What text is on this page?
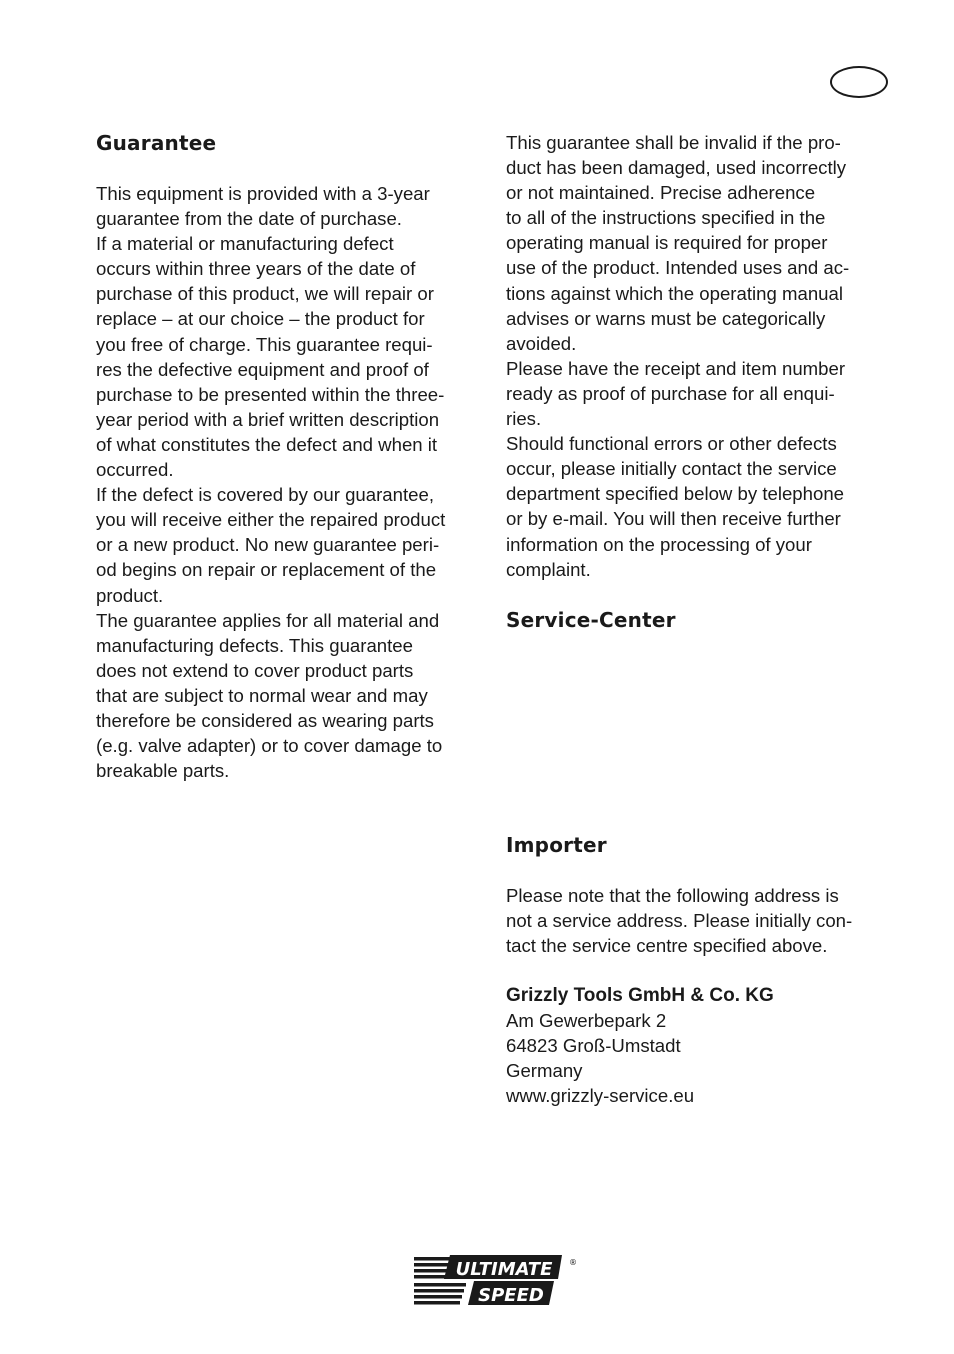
Guarantee
This equipment is provided with a 3-year
guarantee from the date of purchase.
If a material or manufacturing defect
occurs within three years of the date of
purchase of this product, we will repair or
replace – at our choice – the product for
you free of charge. This guarantee requi-
res the defective equipment and proof of
purchase to be presented within the three-
year period with a brief written description
of what constitutes the defect and when it
occurred.
If the defect is covered by our guarantee,
you will receive either the repaired product
or a new product. No new guarantee peri-
od begins on repair or replacement of the
product.
The guarantee applies for all material and
manufacturing defects. This guarantee
does not extend to cover product parts
that are subject to normal wear and may
therefore be considered as wearing parts
(e.g. valve adapter) or to cover damage to
breakable parts.
This guarantee shall be invalid if the pro-
duct has been damaged, used incorrectly
or not maintained. Precise adherence
to all of the instructions specified in the
operating manual is required for proper
use of the product. Intended uses and ac-
tions against which the operating manual
advises or warns must be categorically
avoided.
Please have the receipt and item number
ready as proof of purchase for all enqui-
ries.
Should functional errors or other defects
occur, please initially contact the service
department specified below by telephone
or by e-mail. You will then receive further
information on the processing of your
complaint.
Service-Center
Importer
Please note that the following address is
not a service address. Please initially con-
tact the service centre specified above.
Grizzly Tools GmbH & Co. KG
Am Gewerbepark 2
64823 Groß-Umstadt
Germany
www.grizzly-service.eu
ULTIMATE
SPEED
®
